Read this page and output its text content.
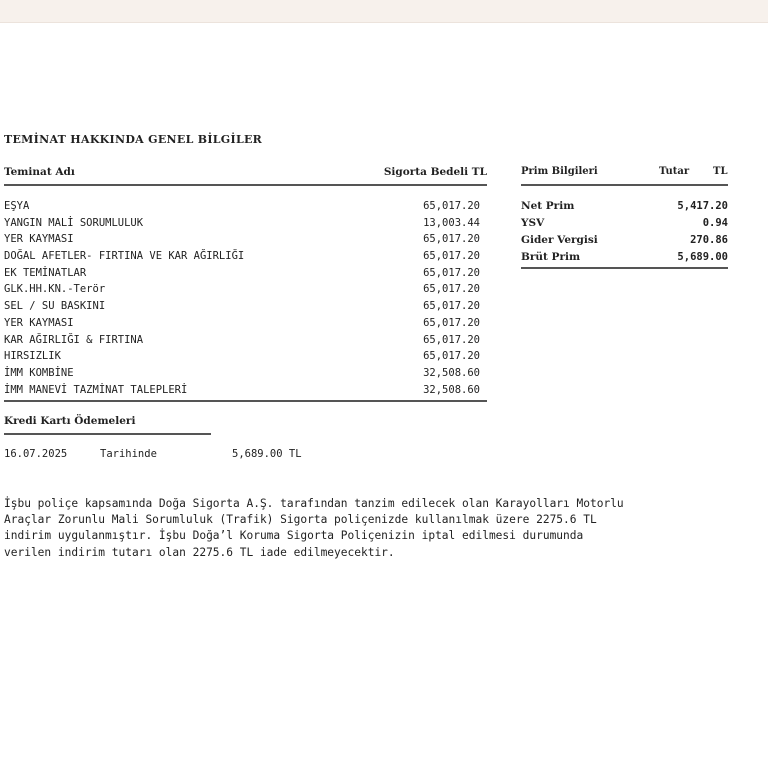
TEMİNAT HAKKINDA GENEL BİLGİLER
Teminat Adı	Sigorta Bedeli TL
EŞYA	65,017.20
YANGIN MALİ SORUMLULUK	13,003.44
YER KAYMASI	65,017.20
DOĞAL AFETLER- FIRTINA VE KAR AĞIRLIĞI	65,017.20
EK TEMİNATLAR	65,017.20
GLK.HH.KN.-Terör	65,017.20
SEL / SU BASKINI	65,017.20
YER KAYMASI	65,017.20
KAR AĞIRLIĞI & FIRTINA	65,017.20
HIRSIZLIK	65,017.20
İMM KOMBİNE	32,508.60
İMM MANEVİ TAZMİNAT TALEPLERİ	32,508.60
Prim Bilgileri	Tutar TL
Net Prim	5,417.20
YSV	0.94
Gider Vergisi	270.86
Brüt Prim	5,689.00
Kredi Kartı Ödemeleri
16.07.2025	Tarihinde	5,689.00 TL
İşbu poliçe kapsamında Doğa Sigorta A.Ş. tarafından tanzim edilecek olan Karayolları Motorlu
Araçlar Zorunlu Mali Sorumluluk (Trafik) Sigorta poliçenizde kullanılmak üzere 2275.6 TL
indirim uygulanmıştır. İşbu Doğa’l Koruma Sigorta Poliçenizin iptal edilmesi durumunda
verilen indirim tutarı olan 2275.6 TL iade edilmeyecektir.
